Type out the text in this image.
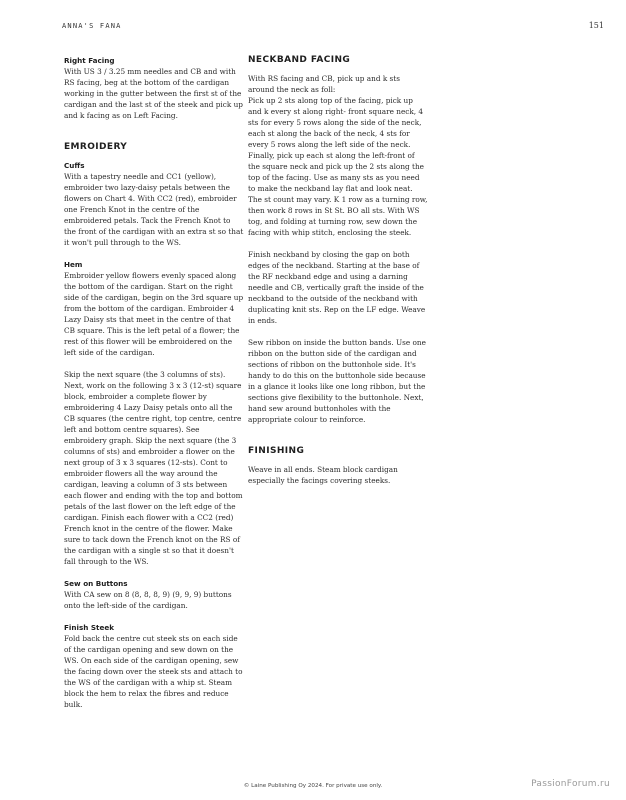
ANNA'S FANA	151
Right Facing

With US 3 / 3.25 mm needles and CB and with RS facing, beg at the bottom of the cardigan working in the gutter between the first st of the cardigan and the last st of the steek and pick up and k facing as on Left Facing.

EMROIDERY
Cuffs

With a tapestry needle and CC1 (yellow), embroider two lazy-daisy petals between the flowers on Chart 4. With CC2 (red), embroider one French Knot in the centre of the embroidered petals. Tack the French Knot to the front of the cardigan with an extra st so that it won't pull through to the WS.

Hem

Embroider yellow flowers evenly spaced along the bottom of the cardigan. Start on the right side of the cardigan, begin on the 3rd square up from the bottom of the cardigan. Embroider 4 Lazy Daisy sts that meet in the centre of that CB square. This is the left petal of a flower; the rest of this flower will be embroidered on the left side of the cardigan.

Skip the next square (the 3 columns of sts). Next, work on the following 3 x 3 (12-st) square block, embroider a complete flower by embroidering 4 Lazy Daisy petals onto all the CB squares (the centre right, top centre, centre left and bottom centre squares). See embroidery graph. Skip the next square (the 3 columns of sts) and embroider a flower on the next group of 3 x 3 squares (12-sts). Cont to embroider flowers all the way around the cardigan, leaving a column of 3 sts between each flower and ending with the top and bottom petals of the last flower on the left edge of the cardigan. Finish each flower with a CC2 (red) French knot in the centre of the flower. Make sure to tack down the French knot on the RS of the cardigan with a single st so that it doesn't fall through to the WS.

Sew on Buttons

With CA sew on 8 (8, 8, 8, 9) (9, 9, 9) buttons onto the left-side of the cardigan.

Finish Steek

Fold back the centre cut steek sts on each side of the cardigan opening and sew down on the WS. On each side of the cardigan opening, sew the facing down over the steek sts and attach to the WS of the cardigan with a whip st. Steam block the hem to relax the fibres and reduce bulk.

NECKBAND FACING

With RS facing and CB, pick up and k sts around the neck as foll:
Pick up 2 sts along top of the facing, pick up and k every st along right- front square neck, 4 sts for every 5 rows along the side of the neck, each st along the back of the neck, 4 sts for every 5 rows along the left side of the neck. Finally, pick up each st along the left-front of the square neck and pick up the 2 sts along the top of the facing. Use as many sts as you need to make the neckband lay flat and look neat. The st count may vary. K 1 row as a turning row, then work 8 rows in St St. BO all sts. With WS tog, and folding at turning row, sew down the facing with whip stitch, enclosing the steek.

Finish neckband by closing the gap on both edges of the neckband. Starting at the base of the RF neckband edge and using a darning needle and CB, vertically graft the inside of the neckband to the outside of the neckband with duplicating knit sts. Rep on the LF edge. Weave in ends.

Sew ribbon on inside the button bands. Use one ribbon on the button side of the cardigan and sections of ribbon on the buttonhole side. It's handy to do this on the buttonhole side because in a glance it looks like one long ribbon, but the sections give flexibility to the buttonhole. Next, hand sew around buttonholes with the appropriate colour to reinforce.

FINISHING

Weave in all ends. Steam block cardigan especially the facings covering steeks.

© Laine Publishing Oy 2024. For private use only.	PassionForum.ru
